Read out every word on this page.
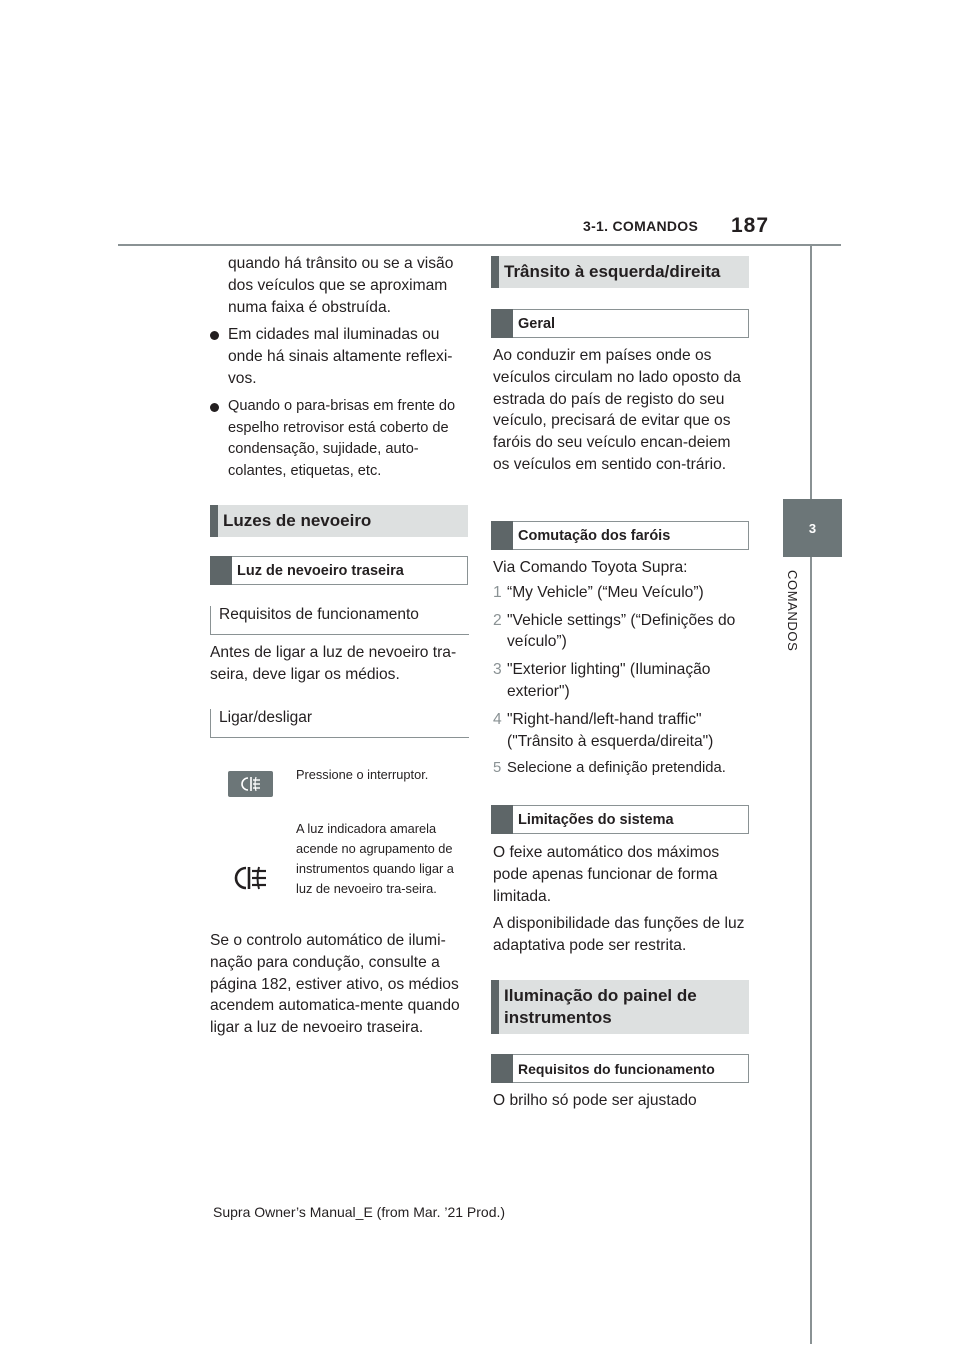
3-1. COMANDOS 187
3
COMANDOS

quando há trânsito ou se a visão dos veículos que se aproximam numa faixa é obstruída.

Em cidades mal iluminadas ou onde há sinais altamente reflexi-vos.

Quando o para-brisas em frente do espelho retrovisor está coberto de condensação, sujidade, auto-colantes, etiquetas, etc.

Luzes de nevoeiro
Luz de nevoeiro traseira
Requisitos de funcionamento
Antes de ligar a luz de nevoeiro tra-seira, deve ligar os médios.
Ligar/desligar
Pressione o interruptor.
A luz indicadora amarela acende no agrupamento de instrumentos quando ligar a luz de nevoeiro tra-seira.
Se o controlo automático de ilumi-nação para condução, consulte a página 182, estiver ativo, os médios acendem automatica-mente quando ligar a luz de nevoeiro traseira.
Trânsito à esquerda/direita
Geral
Ao conduzir em países onde os veículos circulam no lado oposto da estrada do país de registo do seu veículo, precisará de evitar que os faróis do seu veículo encan-deiem os veículos em sentido con-trário.
Comutação dos faróis

Via Comando Toyota Supra:

1 “My Vehicle” (“Meu Veículo”)
2 "Vehicle settings” (“Definições do veículo”)
3 "Exterior lighting" (Iluminação exterior")
4 "Right-hand/left-hand traffic" ("Trânsito à esquerda/direita")
5 Selecione a definição pretendida.
Limitações do sistema

O feixe automático dos máximos pode apenas funcionar de forma limitada.

A disponibilidade das funções de luz adaptativa pode ser restrita.

Iluminação do painel de instrumentos
Requisitos do funcionamento
O brilho só pode ser ajustado
Supra Owner’s Manual_E (from Mar. ’21 Prod.)
